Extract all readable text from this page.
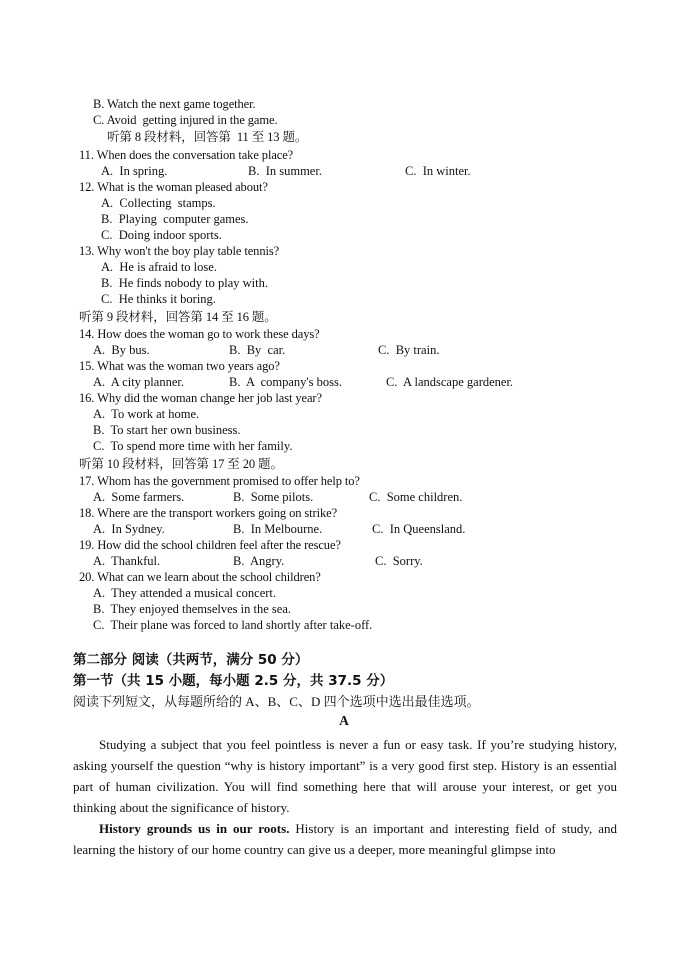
B. Watch the next game together.
C. Avoid  getting injured in the game.
听第 8 段材料，回答第  11 至 13 题。
11. When does the conversation take place?
A.  In spring.	B.  In summer.	C.  In winter.
12. What is the woman pleased about?
A.  Collecting  stamps.
B.  Playing  computer games.
C.  Doing indoor sports.
13. Why won't the boy play table tennis?
A.  He is afraid to lose.
B.  He finds nobody to play with.
C.  He thinks it boring.
听第 9 段材料，回答第 14 至 16 题。
14. How does the woman go to work these days?
A.  By bus.	B.  By  car.	C.  By train.
15. What was the woman two years ago?
A.  A city planner.	B.  A  company's boss.	C.  A landscape gardener.
16. Why did the woman change her job last year?
A.  To work at home.
B.  To start her own business.
C.  To spend more time with her family.
听第 10 段材料，回答第 17 至 20 题。
17. Whom has the government promised to offer help to?
A.  Some farmers.	B.  Some pilots.	C.  Some children.
18. Where are the transport workers going on strike?
A.  In Sydney.	B.  In Melbourne.	C.  In Queensland.
19. How did the school children feel after the rescue?
A.  Thankful.	B.  Angry.	C.  Sorry.
20. What can we learn about the school children?
A.  They attended a musical concert.
B.  They enjoyed themselves in the sea.
C.  Their plane was forced to land shortly after take-off.
第二部分 阅读（共两节，满分 50 分）
第一节（共 15 小题，每小题 2.5 分，共 37.5 分）
阅读下列短文，从每题所给的 A、B、C、D 四个选项中选出最佳选项。
A

Studying a subject that you feel pointless is never a fun or easy task. If you’re studying history, asking yourself the question “why is history important” is a very good first step. History is an essential part of human civilization. You will find something here that will arouse your interest, or get you thinking about the significance of history.

History grounds us in our roots. History is an important and interesting field of study, and learning the history of our home country can give us a deeper, more meaningful glimpse into
